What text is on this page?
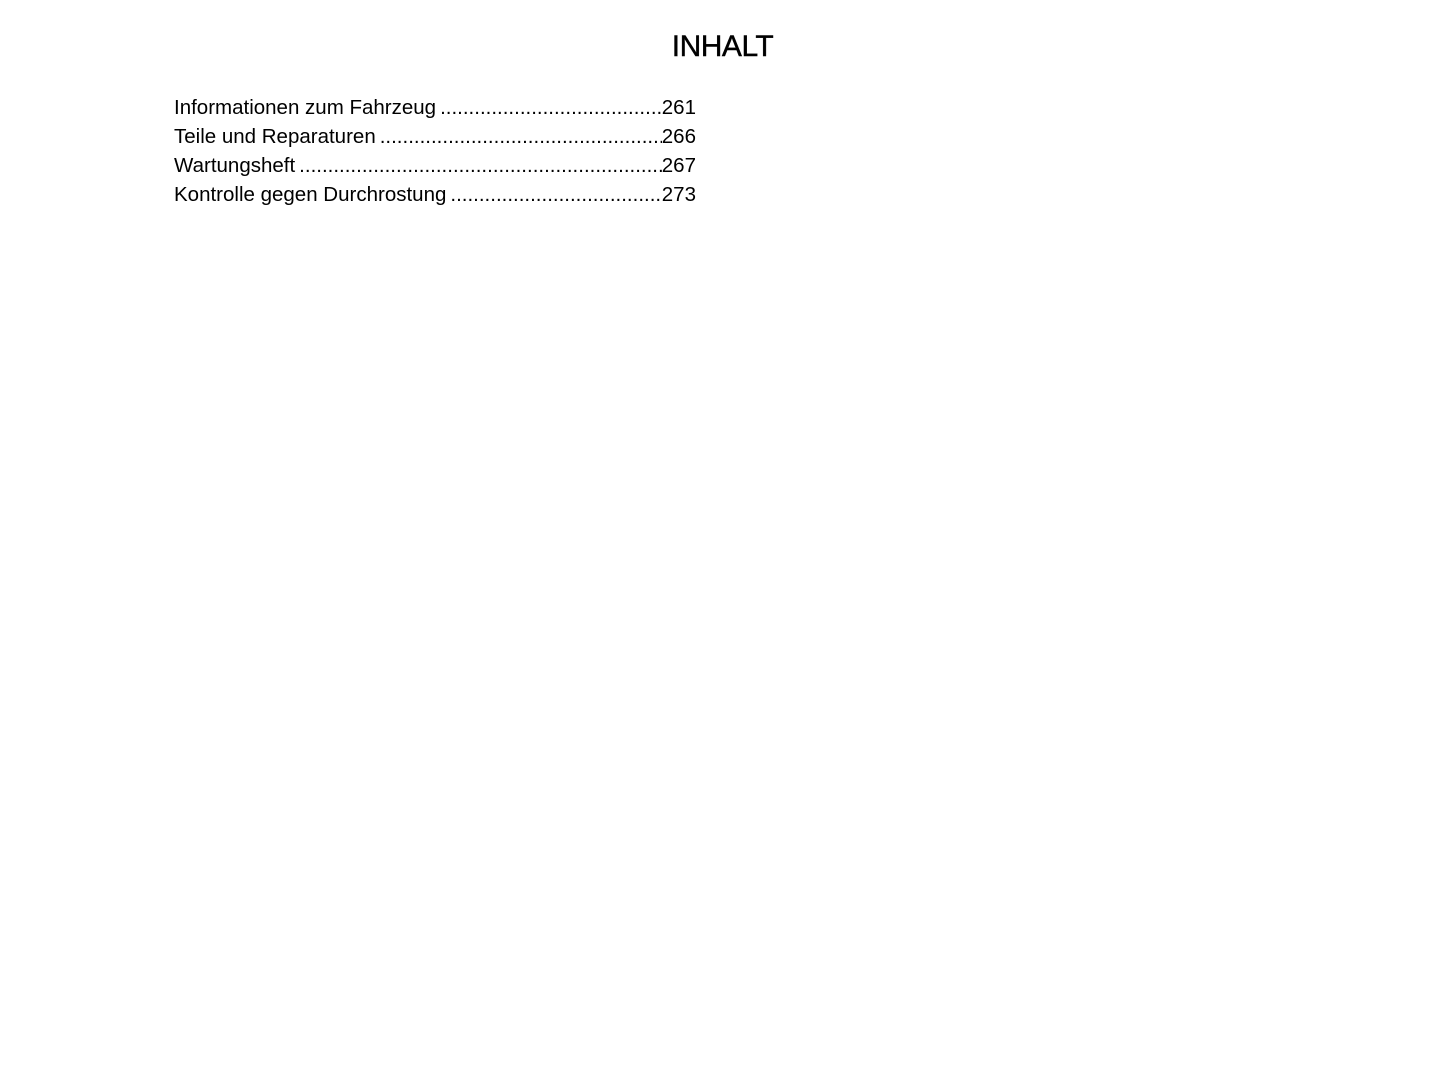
INHALT
Informationen zum Fahrzeug .....	261
Teile und Reparaturen .....	266
Wartungsheft .....	267
Kontrolle gegen Durchrostung .....	273
